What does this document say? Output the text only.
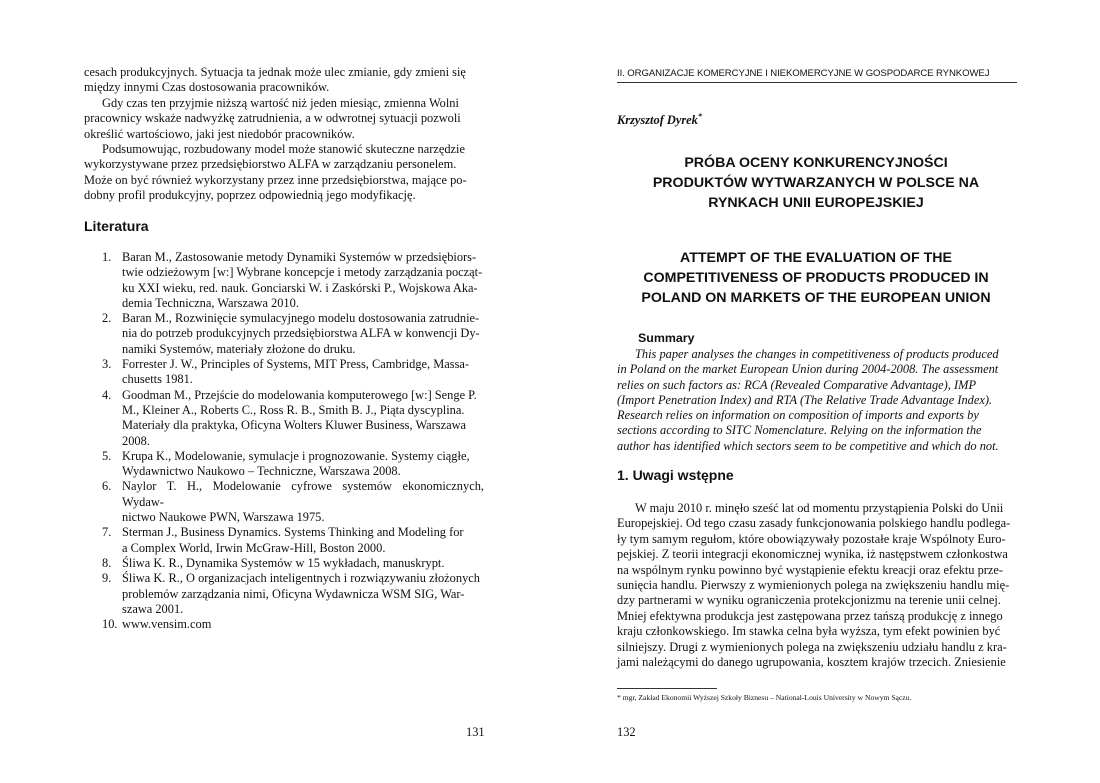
cesach produkcyjnych. Sytuacja ta jednak może ulec zmianie, gdy zmieni się
między innymi Czas dostosowania pracowników.
Gdy czas ten przyjmie niższą wartość niż jeden miesiąc, zmienna Wolni
pracownicy wskaże nadwyżkę zatrudnienia, a w odwrotnej sytuacji pozwoli
określić wartościowo, jaki jest niedobór pracowników.
Podsumowując, rozbudowany model może stanowić skuteczne narzędzie
wykorzystywane przez przedsiębiorstwo ALFA w zarządzaniu personelem.
Może on być również wykorzystany przez inne przedsiębiorstwa, mające po-
dobny profil produkcyjny, poprzez odpowiednią jego modyfikację.
Literatura
1. Baran M., Zastosowanie metody Dynamiki Systemów w przedsiębiors-
twie odzieżowym [w:] Wybrane koncepcje i metody zarządzania począt-
ku XXI wieku, red. nauk. Gonciarski W. i Zaskórski P., Wojskowa Aka-
demia Techniczna, Warszawa 2010.
2. Baran M., Rozwinięcie symulacyjnego modelu dostosowania zatrudnie-
nia do potrzeb produkcyjnych przedsiębiorstwa ALFA w konwencji Dy-
namiki Systemów, materiały złożone do druku.
3. Forrester J. W., Principles of Systems, MIT Press, Cambridge, Massa-
chusetts 1981.
4. Goodman M., Przejście do modelowania komputerowego [w:] Senge P.
M., Kleiner A., Roberts C., Ross R. B., Smith B. J., Piąta dyscyplina.
Materiały dla praktyka, Oficyna Wolters Kluwer Business, Warszawa
2008.
5. Krupa K., Modelowanie, symulacje i prognozowanie. Systemy ciągłe,
Wydawnictwo Naukowo – Techniczne, Warszawa 2008.
6. Naylor T. H., Modelowanie cyfrowe systemów ekonomicznych, Wydaw-
nictwo Naukowe PWN, Warszawa 1975.
7. Sterman J., Business Dynamics. Systems Thinking and Modeling for
a Complex World, Irwin McGraw-Hill, Boston 2000.
8. Śliwa K. R., Dynamika Systemów w 15 wykładach, manuskrypt.
9. Śliwa K. R., O organizacjach inteligentnych i rozwiązywaniu złożonych
problemów zarządzania nimi, Oficyna Wydawnicza WSM SIG, War-
szawa 2001.
10. www.vensim.com
131
II. ORGANIZACJE KOMERCYJNE I NIEKOMERCYJNE W GOSPODARCE RYNKOWEJ
Krzysztof Dyrek*
PRÓBA OCENY KONKURENCYJNOŚCI
PRODUKTÓW WYTWARZANYCH W POLSCE NA
RYNKACH UNII EUROPEJSKIEJ
ATTEMPT OF THE EVALUATION OF THE
COMPETITIVENESS OF PRODUCTS PRODUCED IN
POLAND ON MARKETS OF THE EUROPEAN UNION
Summary
This paper analyses the changes in competitiveness of products produced
in Poland on the market European Union during 2004-2008. The assessment
relies on such factors as: RCA (Revealed Comparative Advantage), IMP
(Import Penetration Index) and RTA (The Relative Trade Advantage Index).
Research relies on information on composition of imports and exports by
sections according to SITC Nomenclature. Relying on the information the
author has identified which sectors seem to be competitive and which do not.
1. Uwagi wstępne
W maju 2010 r. minęło sześć lat od momentu przystąpienia Polski do Unii
Europejskiej. Od tego czasu zasady funkcjonowania polskiego handlu podlega-
ły tym samym regułom, które obowiązywały pozostałe kraje Wspólnoty Euro-
pejskiej. Z teorii integracji ekonomicznej wynika, iż następstwem członkostwa
na wspólnym rynku powinno być wystąpienie efektu kreacji oraz efektu prze-
sunięcia handlu. Pierwszy z wymienionych polega na zwiększeniu handlu mię-
dzy partnerami w wyniku ograniczenia protekcjonizmu na terenie unii celnej.
Mniej efektywna produkcja jest zastępowana przez tańszą produkcję z innego
kraju członkowskiego. Im stawka celna była wyższa, tym efekt powinien być
silniejszy. Drugi z wymienionych polega na zwiększeniu udziału handlu z kra-
jami należącymi do danego ugrupowania, kosztem krajów trzecich. Zniesienie
* mgr, Zakład Ekonomii Wyższej Szkoły Biznesu – National-Louis University w Nowym Sączu.
132
